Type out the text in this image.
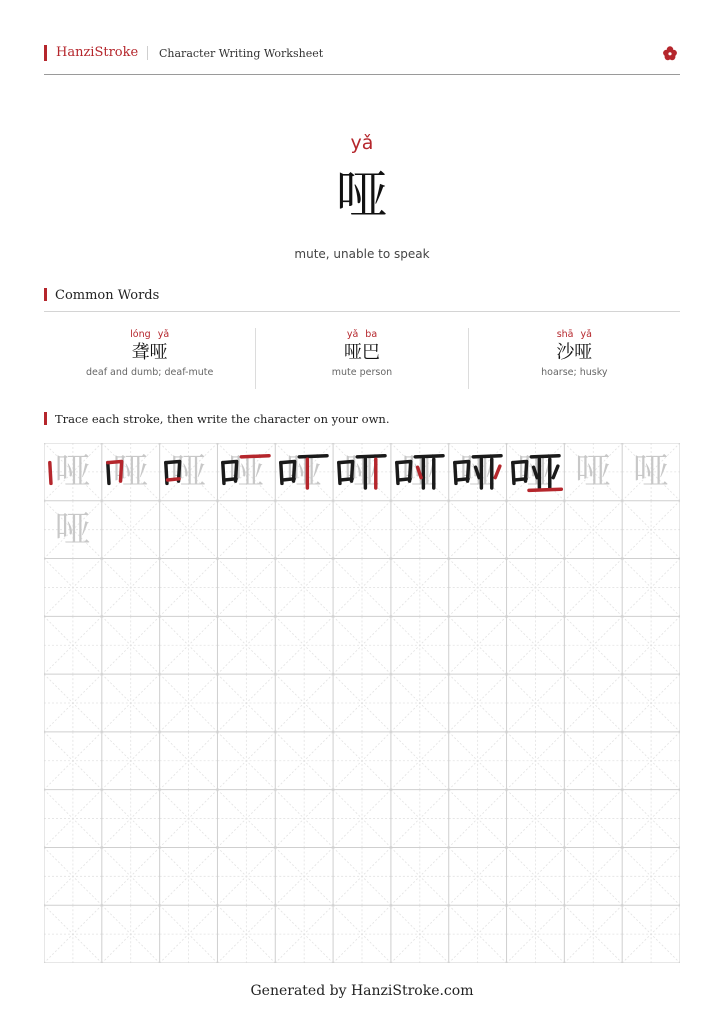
HanziStroke Character Writing Worksheet
yǎ
哑
mute, unable to speak
Common Words
lóng yǎ
聋哑
deaf and dumb; deaf-mute
yǎ ba
哑巴
mute person
shā yǎ
沙哑
hoarse; husky
Trace each stroke, then write the character on your own.
哑 哑 哑 哑 哑 哑 哑 哑 哑 哑 哑
哑
Generated by HanziStroke.com
